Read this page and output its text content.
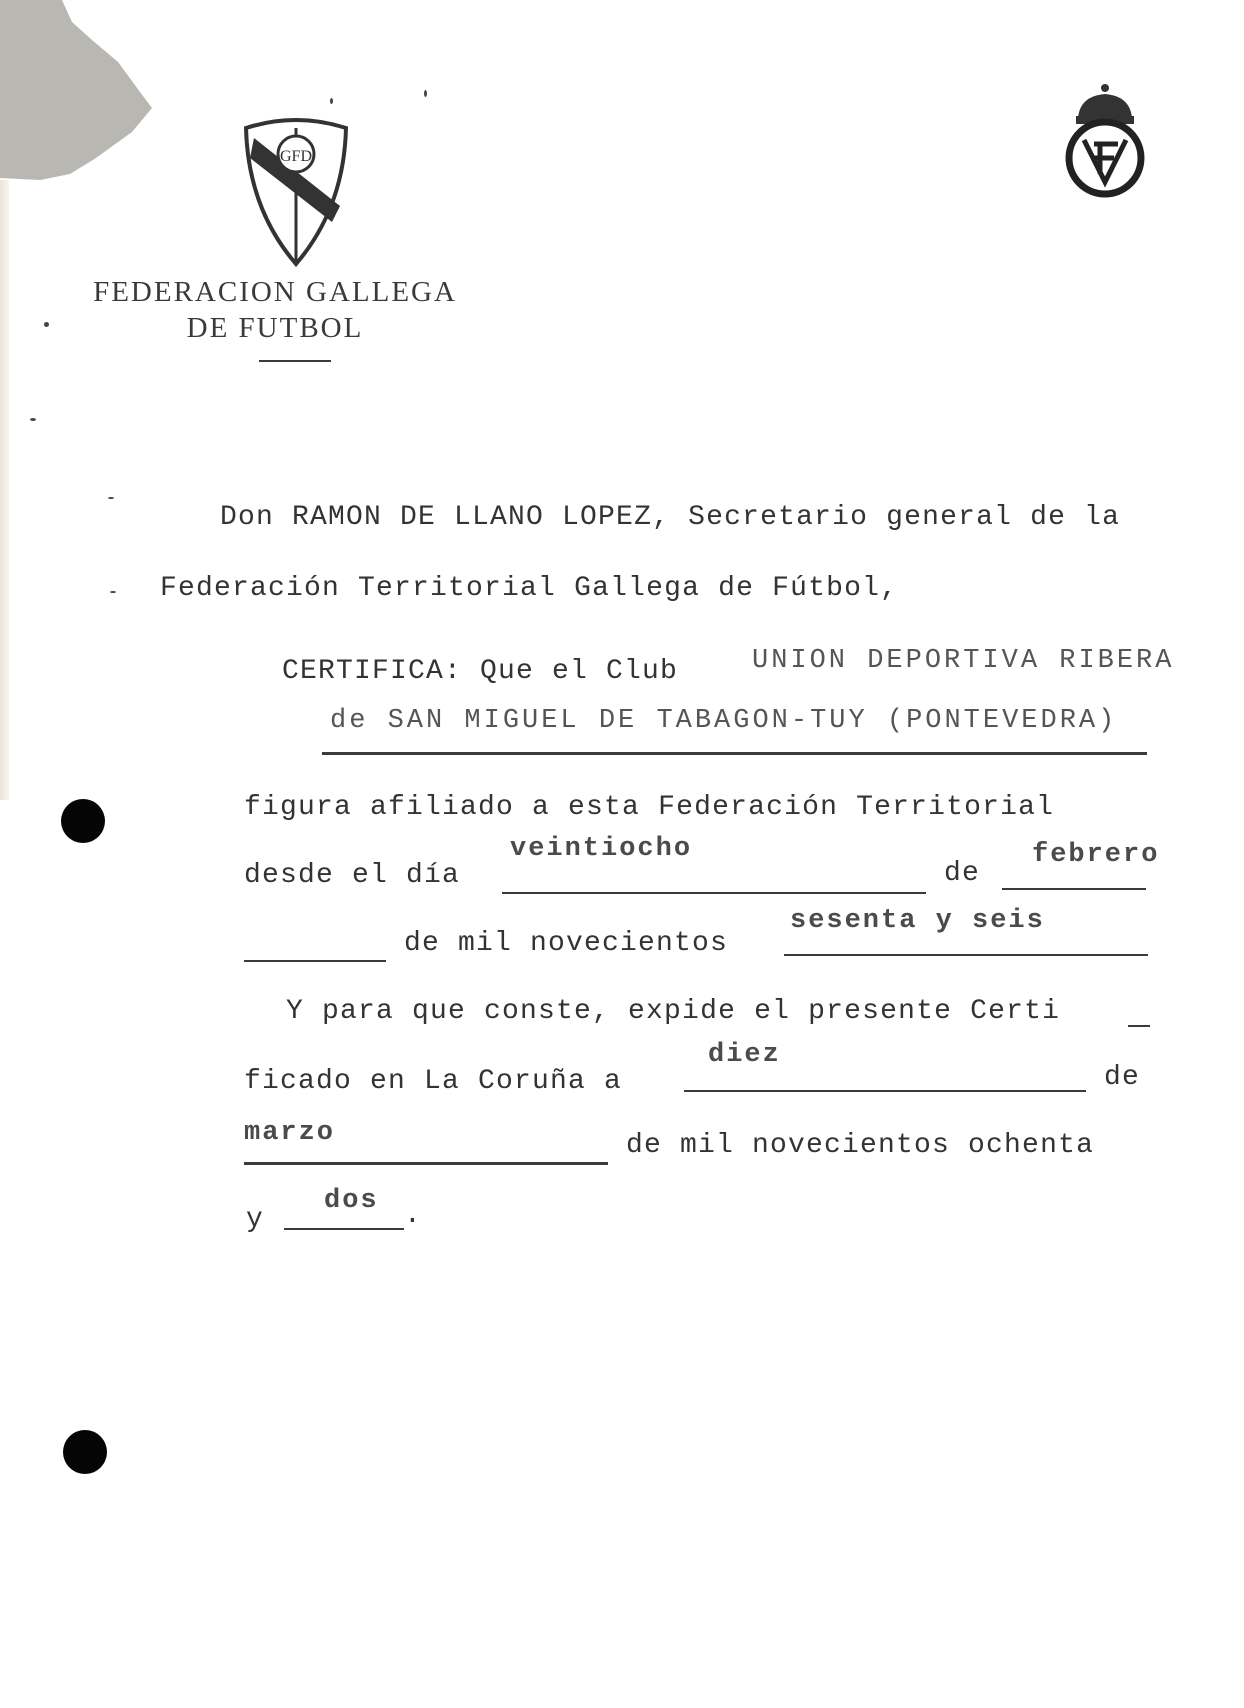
GFD
FEDERACION GALLEGA
DE FUTBOL
Don RAMON DE LLANO LOPEZ, Secretario general de la
Federación Territorial Gallega de Fútbol,
CERTIFICA: Que el Club	UNION DEPORTIVA RIBERA
de SAN MIGUEL DE TABAGON-TUY (PONTEVEDRA)
figura afiliado a esta Federación Territorial
desde el día
veintiocho
de
febrero
de mil novecientos
sesenta y seis
Y para que conste, expide el presente Certi
ficado en La Coruña a
diez
de
marzo	de mil novecientos ochenta
y
dos .
